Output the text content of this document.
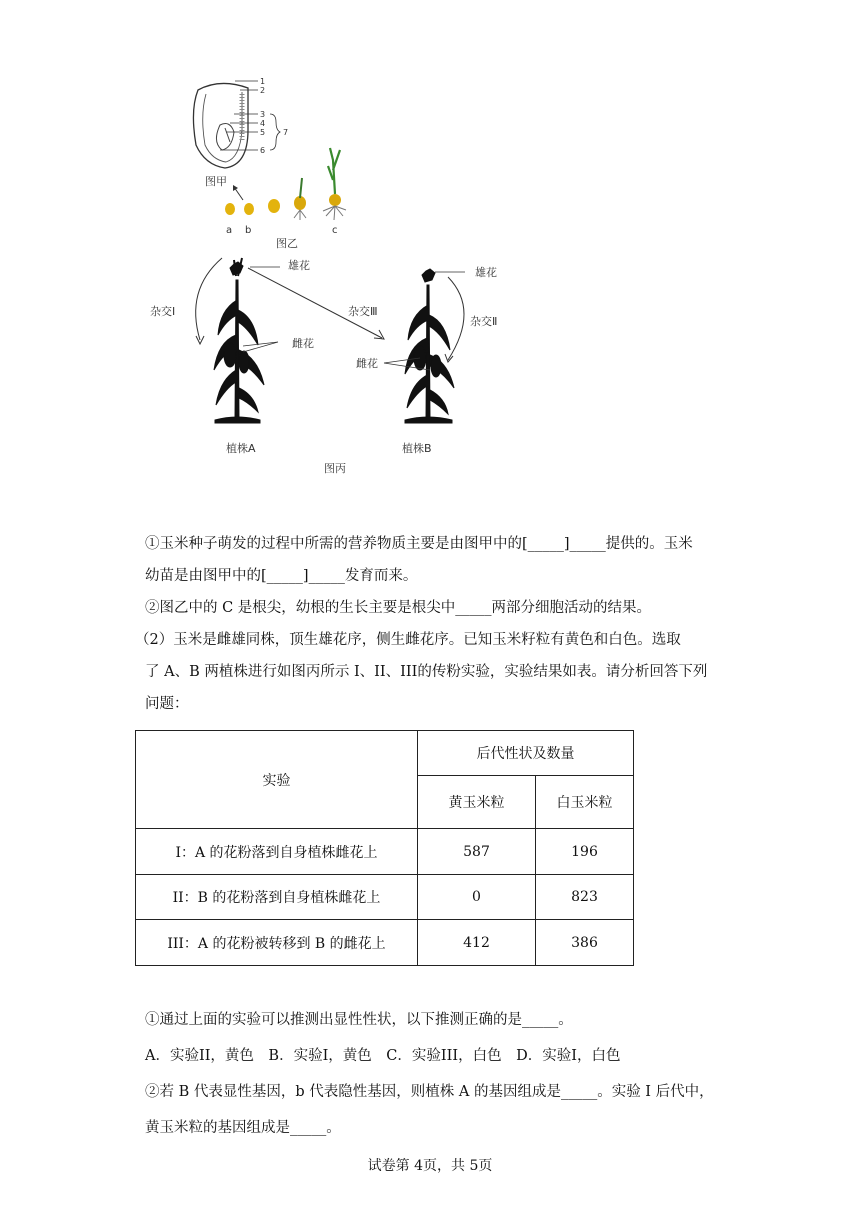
1
2
3
4
5
6
7
图甲
a b	c
图乙
雄花
雄花
雌花
雌花
杂交Ⅰ
杂交Ⅱ
杂交Ⅲ
植株A	植株B
图丙
①玉米种子萌发的过程中所需的营养物质主要是由图甲中的[_____]_____提供的。玉米
幼苗是由图甲中的[_____]_____发育而来。
②图乙中的 C 是根尖，幼根的生长主要是根尖中_____两部分细胞活动的结果。
（2）玉米是雌雄同株，顶生雄花序，侧生雌花序。已知玉米籽粒有黄色和白色。选取
了 A、B 两植株进行如图丙所示 I、II、III的传粉实验，实验结果如表。请分析回答下列
问题：
实验	后代性状及数量	
	黄玉米粒	白玉米粒
I：A 的花粉落到自身植株雌花上	587	196
II：B 的花粉落到自身植株雌花上	0	823
III：A 的花粉被转移到 B 的雌花上	412	386
①通过上面的实验可以推测出显性性状，以下推测正确的是_____。
A．实验II，黄色　B．实验I，黄色　C．实验III，白色　D．实验I，白色
②若 B 代表显性基因，b 代表隐性基因，则植株 A 的基因组成是_____。实验 I 后代中，
黄玉米粒的基因组成是_____。
试卷第 4页，共 5页
